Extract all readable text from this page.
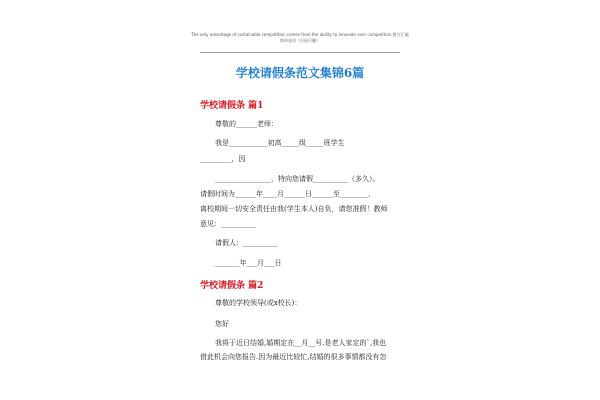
The only advantage of sustainable competition comes from the ability to innovate over competitors 整合汇编
简单易用（页眉可删）
学校请假条范文集锦6篇
学校请假条 篇1
尊敬的______老师：
我是___________初高_____级_____班学生
_________，因
________________，特向您请假__________（多久）。
请假时间为______年____月______日______至________，
离校期间一切安全责任由我(学生本人)自负，请您准假！教师
意见：__________
请假人：__________
_______年___月___日
学校请假条 篇2
尊敬的学校领导(或x校长)：
您好
我将于近日结婚,婚期定在__月__号.是老人家定的`,我也
借此机会向您报告.因为最近比较忙,结婚的很多事情都没有怎
